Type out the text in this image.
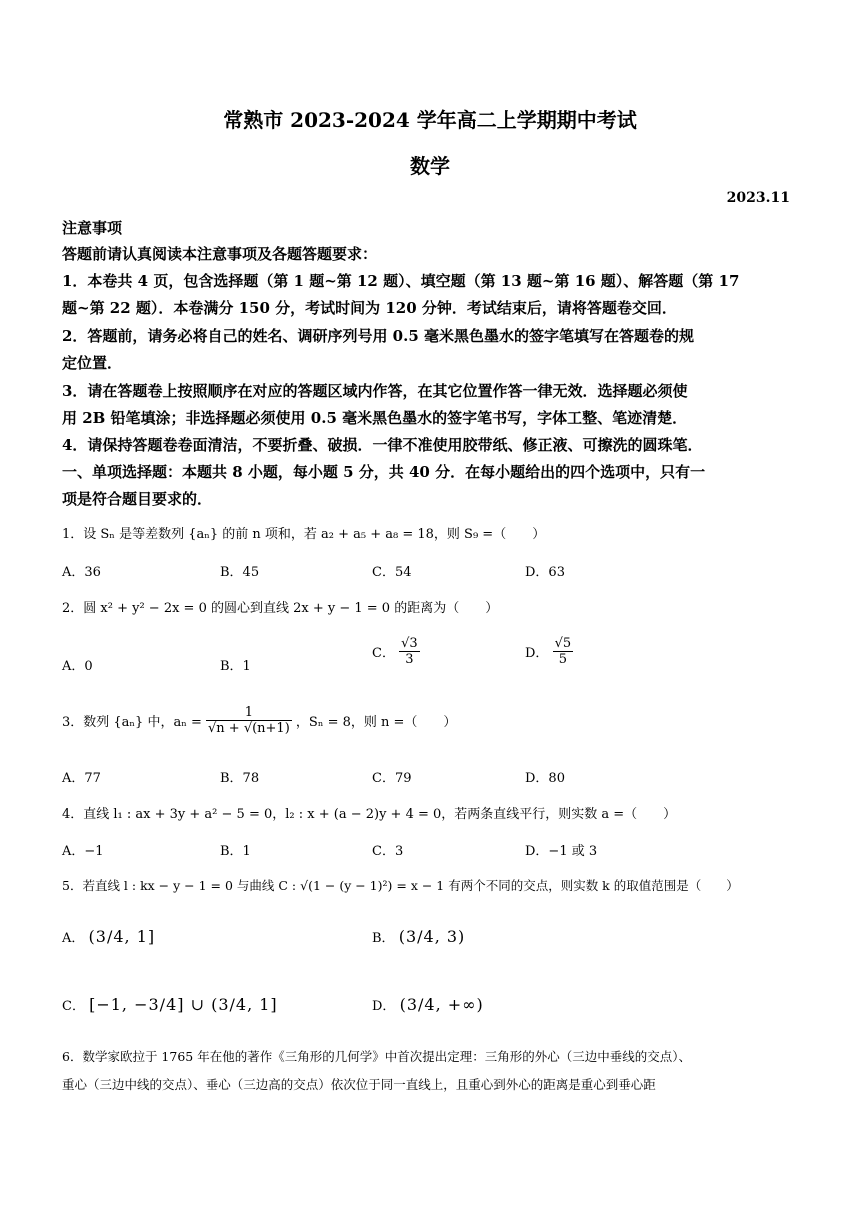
常熟市 2023-2024 学年高二上学期期中考试
数学
2023.11
注意事项
答题前请认真阅读本注意事项及各题答题要求：
1．本卷共 4 页，包含选择题（第 1 题~第 12 题）、填空题（第 13 题~第 16 题）、解答题（第 17
题~第 22 题）．本卷满分 150 分，考试时间为 120 分钟．考试结束后，请将答题卷交回．
2．答题前，请务必将自己的姓名、调研序列号用 0.5 毫米黑色墨水的签字笔填写在答题卷的规
定位置．
3．请在答题卷上按照顺序在对应的答题区域内作答，在其它位置作答一律无效．选择题必须使
用 2B 铅笔填涂；非选择题必须使用 0.5 毫米黑色墨水的签字笔书写，字体工整、笔迹清楚．
4．请保持答题卷卷面清洁，不要折叠、破损．一律不准使用胶带纸、修正液、可擦洗的圆珠笔．
一、单项选择题：本题共 8 小题，每小题 5 分，共 40 分．在每小题给出的四个选项中，只有一
项是符合题目要求的．
1．设 Sₙ 是等差数列 {aₙ} 的前 n 项和，若 a₂ + a₅ + a₈ = 18，则 S₉ =（　　）
A．36	B．45	C．54	D．63
2．圆 x² + y² − 2x = 0 的圆心到直线 2x + y − 1 = 0 的距离为（　　）
A．0	B．1
C． $\frac{√3}{3}$	D． $\frac{√5}{5}$
3．数列 {aₙ} 中，$a_n = \frac{1}{√n + √(n+1)}$ ，Sₙ = 8，则 n =（　　）
A．77	B．78	C．79	D．80
4．直线 l₁ : ax + 3y + a² − 5 = 0，l₂ : x + (a − 2)y + 4 = 0，若两条直线平行，则实数 a =（　　）
A．−1	B．1	C．3	D．−1 或 3
5．若直线 l : kx − y − 1 = 0 与曲线 C : √(1 − (y − 1)²) = x − 1 有两个不同的交点，则实数 k 的取值范围是（　　）
A． (3/4, 1]	B． (3/4, 3)
C． [−1, −3/4] ∪ (3/4, 1]	D． (3/4, +∞)
6．数学家欧拉于 1765 年在他的著作《三角形的几何学》中首次提出定理：三角形的外心（三边中垂线的交点）、
重心（三边中线的交点）、垂心（三边高的交点）依次位于同一直线上，且重心到外心的距离是重心到垂心距
